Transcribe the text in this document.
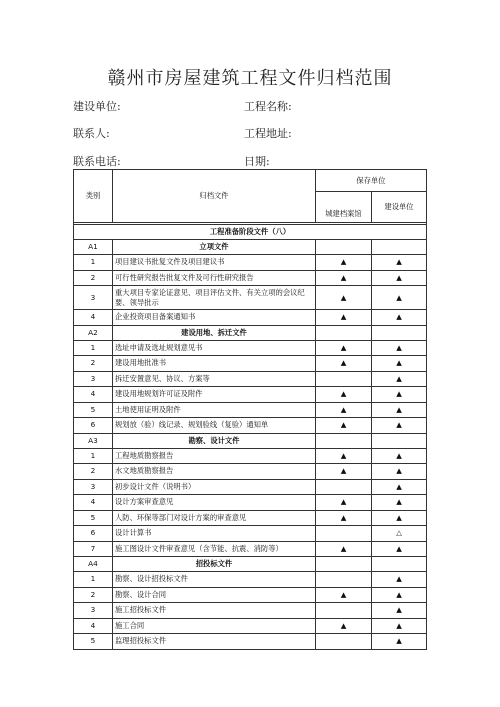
赣州市房屋建筑工程文件归档范围
建设单位:	工程名称:
联系人:	工程地址:
联系电话:	日期:
类别	归档文件	保存单位	
		城建档案馆	建设单位

工程准备阶段文件（八）			
A1	立项文件		
1	项目建议书批复文件及项目建议书	▲	▲
2	可行性研究报告批复文件及可行性研究报告	▲	▲
3	重大项目专家论证意见、项目评估文件、有关立项的会议纪要、领导批示	▲	▲
4	企业投资项目备案通知书	▲	▲
A2	建设用地、拆迁文件		
1	选址申请及选址规划意见书	▲	▲
2	建设用地批准书	▲	▲
3	拆迁安置意见、协议、方案等		▲
4	建设用地规划许可证及附件	▲	▲
5	土地使用证明及附件	▲	▲
6	规划放（验）线记录、规划验线（复验）通知单	▲	▲
A3	勘察、设计文件		
1	工程地质勘察报告	▲	▲
2	水文地质勘察报告	▲	▲
3	初步设计文件（说明书）		▲
4	设计方案审查意见	▲	▲
5	人防、环保等部门对设计方案的审查意见	▲	▲
6	设计计算书		△
7	施工图设计文件审查意见（含节能、抗震、消防等）	▲	▲
A4	招投标文件		
1	勘察、设计招投标文件		▲
2	勘察、设计合同	▲	▲
3	施工招投标文件		▲
4	施工合同	▲	▲
5	监理招投标文件		▲
